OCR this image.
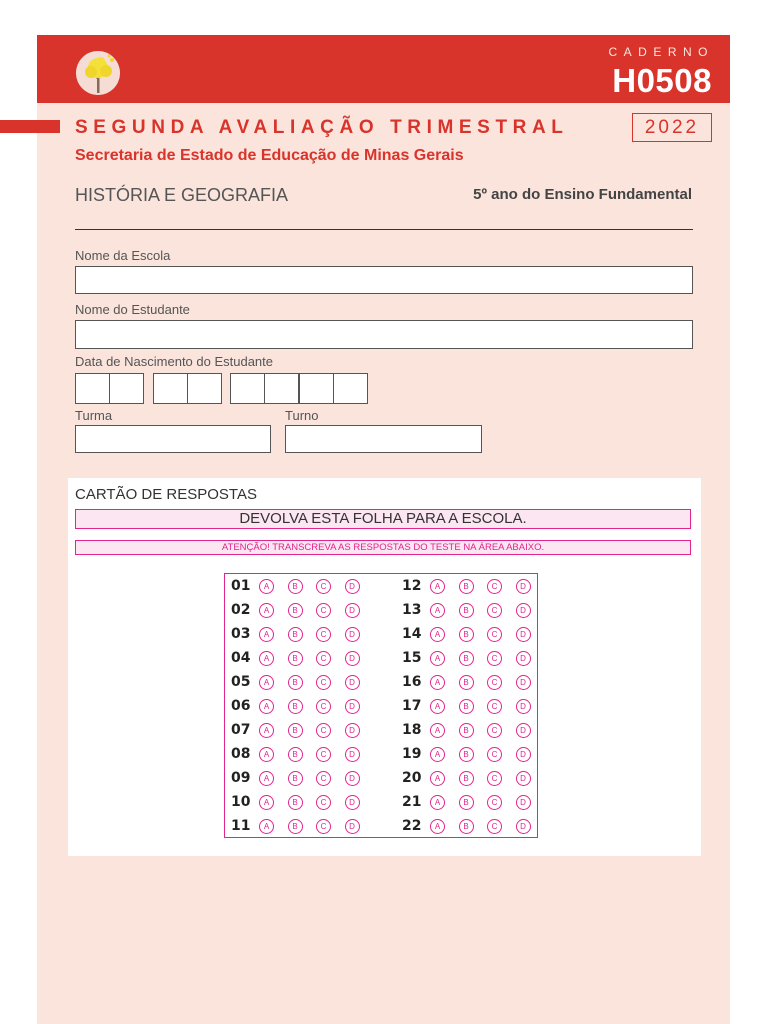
CADERNO
H0508
SEGUNDA AVALIAÇÃO TRIMESTRAL	2022
Secretaria de Estado de Educação de Minas Gerais
HISTÓRIA E GEOGRAFIA	5º ano do Ensino Fundamental
Nome da Escola
Nome do Estudante
Data de Nascimento do Estudante
Turma	Turno
CARTÃO DE RESPOSTAS
DEVOLVA ESTA FOLHA PARA A ESCOLA.
ATENÇÃO! TRANSCREVA AS RESPOSTAS DO TESTE NA ÁREA ABAIXO.
01	A	B	C	D
02	A	B	C	D
03	A	B	C	D
04	A	B	C	D
05	A	B	C	D
06	A	B	C	D
07	A	B	C	D
08	A	B	C	D
09	A	B	C	D
10	A	B	C	D
11	A	B	C	D
12	A	B	C	D
13	A	B	C	D
14	A	B	C	D
15	A	B	C	D
16	A	B	C	D
17	A	B	C	D
18	A	B	C	D
19	A	B	C	D
20	A	B	C	D
21	A	B	C	D
22	A	B	C	D
